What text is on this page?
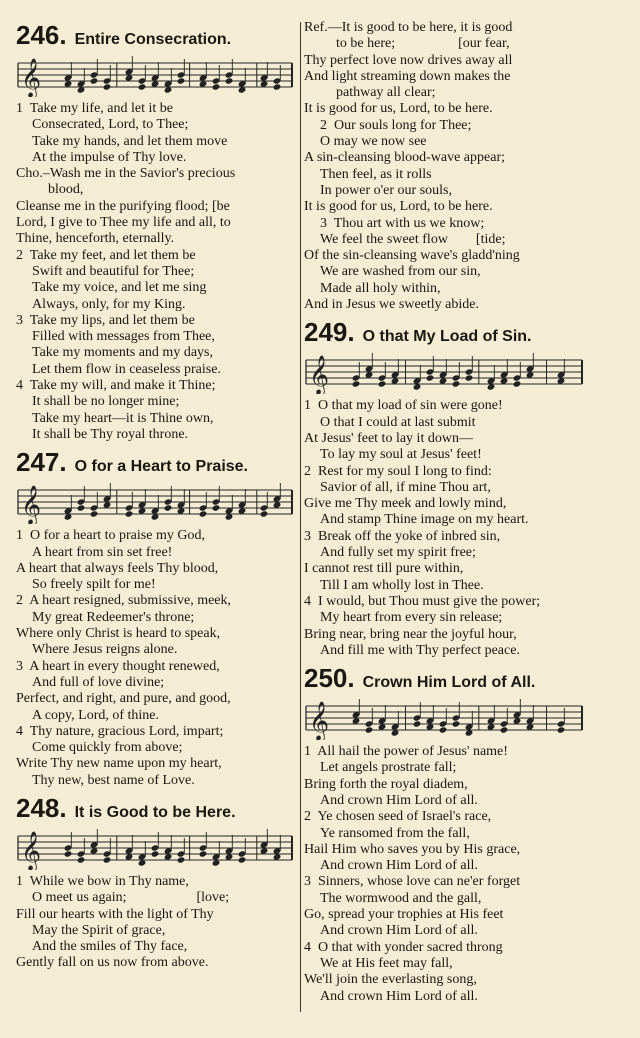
246. Entire Consecration.
𝄞
1  Take my life, and let it be
Consecrated, Lord, to Thee;
Take my hands, and let them move
At the impulse of Thy love.
Cho.–Wash me in the Savior's precious
blood,
Cleanse me in the purifying flood; [be
Lord, I give to Thee my life and all, to
Thine, henceforth, eternally.
2  Take my feet, and let them be
Swift and beautiful for Thee;
Take my voice, and let me sing
Always, only, for my King.
3  Take my lips, and let them be
Filled with messages from Thee,
Take my moments and my days,
Let them flow in ceaseless praise.
4  Take my will, and make it Thine;
It shall be no longer mine;
Take my heart—it is Thine own,
It shall be Thy royal throne.
247. O for a Heart to Praise.
𝄞
1  O for a heart to praise my God,
A heart from sin set free!
A heart that always feels Thy blood,
So freely spilt for me!
2  A heart resigned, submissive, meek,
My great Redeemer's throne;
Where only Christ is heard to speak,
Where Jesus reigns alone.
3  A heart in every thought renewed,
And full of love divine;
Perfect, and right, and pure, and good,
A copy, Lord, of thine.
4  Thy nature, gracious Lord, impart;
Come quickly from above;
Write Thy new name upon my heart,
Thy new, best name of Love.
248. It is Good to be Here.
𝄞
1  While we bow in Thy name,
O meet us again;                    [love;
Fill our hearts with the light of Thy
May the Spirit of grace,
And the smiles of Thy face,
Gently fall on us now from above.
Ref.—It is good to be here, it is good
to be here;                  [our fear,
Thy perfect love now drives away all
And light streaming down makes the
pathway all clear;
It is good for us, Lord, to be here.
2  Our souls long for Thee;
O may we now see
A sin-cleansing blood-wave appear;
Then feel, as it rolls
In power o'er our souls,
It is good for us, Lord, to be here.
3  Thou art with us we know;
We feel the sweet flow        [tide;
Of the sin-cleansing wave's gladd'ning
We are washed from our sin,
Made all holy within,
And in Jesus we sweetly abide.
249. O that My Load of Sin.
𝄞
1  O that my load of sin were gone!
O that I could at last submit
At Jesus' feet to lay it down—
To lay my soul at Jesus' feet!
2  Rest for my soul I long to find:
Savior of all, if mine Thou art,
Give me Thy meek and lowly mind,
And stamp Thine image on my heart.
3  Break off the yoke of inbred sin,
And fully set my spirit free;
I cannot rest till pure within,
Till I am wholly lost in Thee.
4  I would, but Thou must give the power;
My heart from every sin release;
Bring near, bring near the joyful hour,
And fill me with Thy perfect peace.
250. Crown Him Lord of All.
𝄞
1  All hail the power of Jesus' name!
Let angels prostrate fall;
Bring forth the royal diadem,
And crown Him Lord of all.
2  Ye chosen seed of Israel's race,
Ye ransomed from the fall,
Hail Him who saves you by His grace,
And crown Him Lord of all.
3  Sinners, whose love can ne'er forget
The wormwood and the gall,
Go, spread your trophies at His feet
And crown Him Lord of all.
4  O that with yonder sacred throng
We at His feet may fall,
We'll join the everlasting song,
And crown Him Lord of all.
